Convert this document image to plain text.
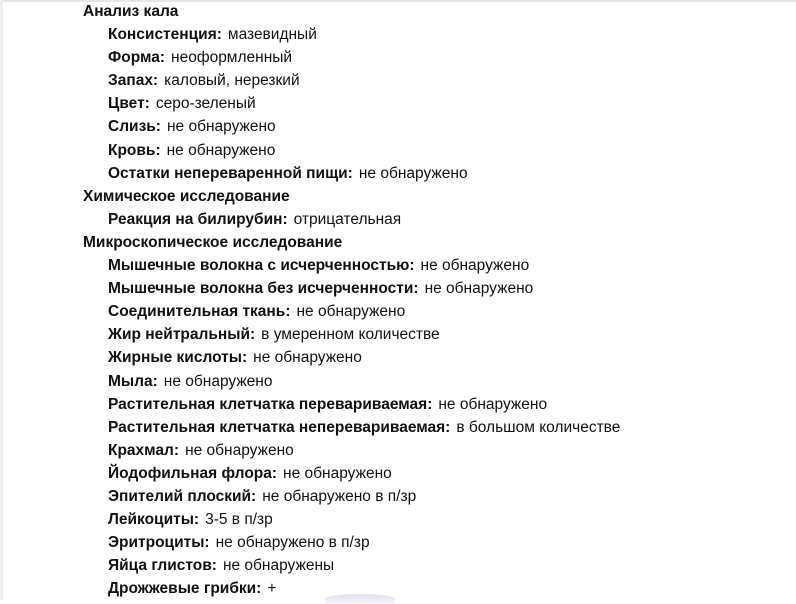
Анализ кала
Консистенция: мазевидный
Форма: неоформленный
Запах: каловый, нерезкий
Цвет: серо-зеленый
Слизь: не обнаружено
Кровь: не обнаружено
Остатки непереваренной пищи: не обнаружено
Химическое исследование
Реакция на билирубин: отрицательная
Микроскопическое исследование
Мышечные волокна с исчерченностью: не обнаружено
Мышечные волокна без исчерченности: не обнаружено
Соединительная ткань: не обнаружено
Жир нейтральный: в умеренном количестве
Жирные кислоты: не обнаружено
Мыла: не обнаружено
Растительная клетчатка перевариваемая: не обнаружено
Растительная клетчатка неперевариваемая: в большом количестве
Крахмал: не обнаружено
Йодофильная флора: не обнаружено
Эпителий плоский: не обнаружено в п/зр
Лейкоциты: 3-5 в п/зр
Эритроциты: не обнаружено в п/зр
Яйца глистов: не обнаружены
Дрожжевые грибки: +
